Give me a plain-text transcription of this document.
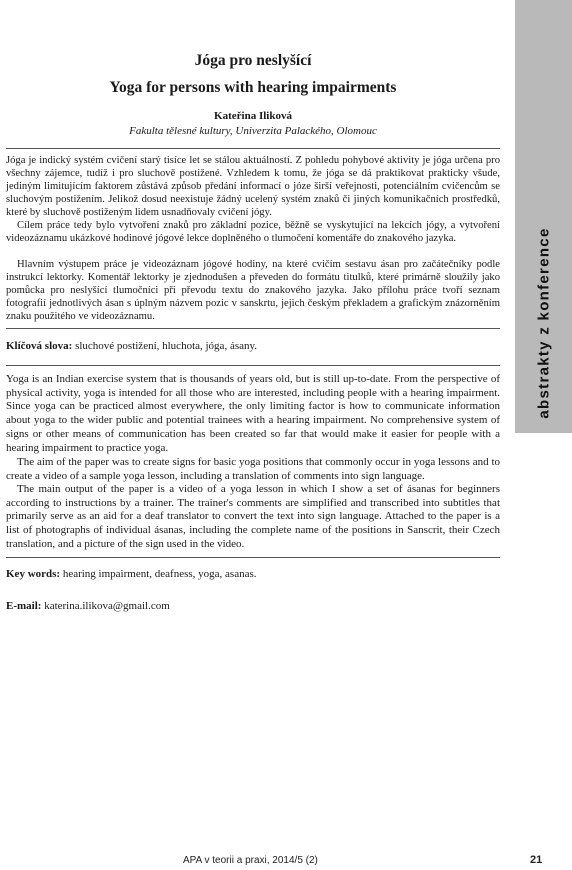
abstrakty z konference
Jóga pro neslyšící
Yoga for persons with hearing impairments
Kateřina Iliková
Fakulta tělesné kultury, Univerzita Palackého, Olomouc

Jóga je indický systém cvičení starý tisíce let se stálou aktuálností. Z pohledu pohybové aktivity je jóga určena pro všechny zájemce, tudíž i pro sluchově postižené. Vzhledem k tomu, že jóga se dá praktikovat prakticky všude, jediným limitujícím faktorem zůstává způsob předání informací o józe širší veřejnosti, potenciálním cvičencům se sluchovým postižením. Jelikož dosud neexistuje žádný ucelený systém znaků či jiných komunikačních prostředků, které by sluchově postiženým lidem usnadňovaly cvičení jógy.

Cílem práce tedy bylo vytvoření znaků pro základní pozice, běžně se vyskytující na lekcích jógy, a vytvoření videozáznamu ukázkové hodinové jógové lekce doplněného o tlumočení komentáře do znakového jazyka.

Hlavním výstupem práce je videozáznam jógové hodiny, na které cvičím sestavu ásan pro začátečníky podle instrukcí lektorky. Komentář lektorky je zjednodušen a převeden do formátu titulků, které primárně sloužily jako pomůcka pro neslyšící tlumočníci při převodu textu do znakového jazyka. Jako přílohu práce tvoří seznam fotografií jednotlivých ásan s úplným názvem pozic v sanskrtu, jejich českým překladem a grafickým znázorněním znaku použitého ve videozáznamu.

Klíčová slova: sluchové postižení, hluchota, jóga, ásany.

Yoga is an Indian exercise system that is thousands of years old, but is still up-to-date. From the perspective of physical activity, yoga is intended for all those who are interested, including people with a hearing impairment. Since yoga can be practiced almost everywhere, the only limiting factor is how to communicate information about yoga to the wider public and potential trainees with a hearing impairment. No comprehensive system of signs or other means of communication has been created so far that would make it easier for people with a hearing impairment to practice yoga.

The aim of the paper was to create signs for basic yoga positions that commonly occur in yoga lessons and to create a video of a sample yoga lesson, including a translation of comments into sign language.

The main output of the paper is a video of a yoga lesson in which I show a set of ásanas for beginners according to instructions by a trainer. The trainer's comments are simplified and transcribed into subtitles that primarily serve as an aid for a deaf translator to convert the text into sign language. Attached to the paper is a list of photographs of individual ásanas, including the complete name of the positions in Sanscrit, their Czech translation, and a picture of the sign used in the video.

Key words: hearing impairment, deafness, yoga, asanas.
E-mail: katerina.ilikova@gmail.com
APA v teorii a praxi, 2014/5 (2)	21
